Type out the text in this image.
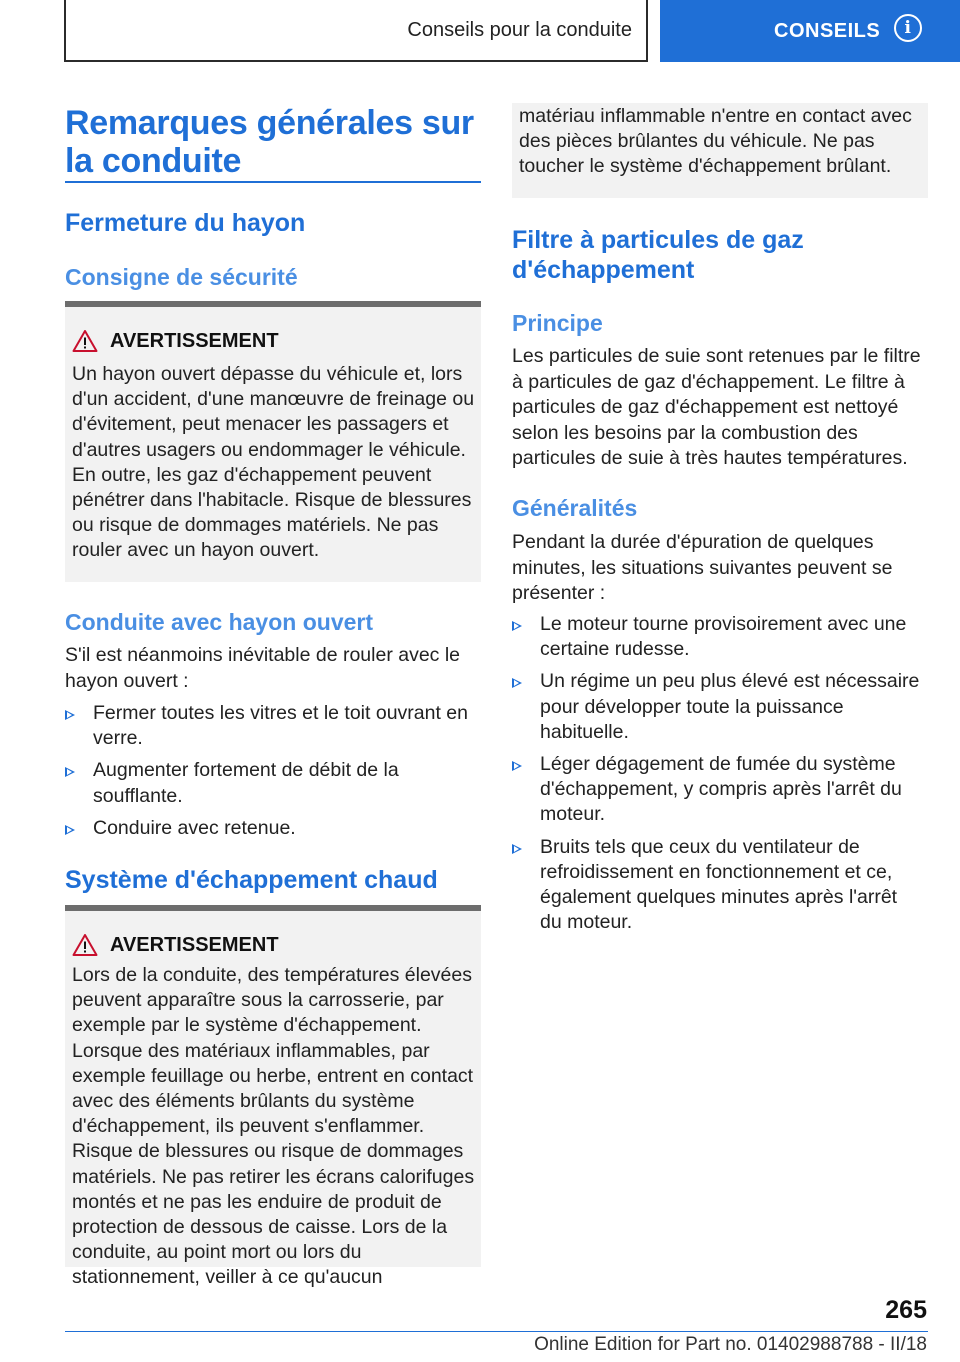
Conseils pour la conduite	CONSEILS	i
Remarques générales sur la conduite
Fermeture du hayon
Consigne de sécurité
AVERTISSEMENT
Un hayon ouvert dépasse du véhicule et, lors d'un accident, d'une manœuvre de freinage ou d'évitement, peut menacer les passagers et d'autres usagers ou endommager le véhicule. En outre, les gaz d'échappement peuvent pénétrer dans l'habitacle. Risque de blessures ou risque de dommages matériels. Ne pas rouler avec un hayon ouvert.
Conduite avec hayon ouvert
S'il est néanmoins inévitable de rouler avec le hayon ouvert :
Fermer toutes les vitres et le toit ouvrant en verre.
Augmenter fortement de débit de la soufflante.
Conduire avec retenue.
Système d'échappement chaud
AVERTISSEMENT
Lors de la conduite, des températures élevées peuvent apparaître sous la carrosserie, par exemple par le système d'échappement. Lorsque des matériaux inflammables, par exemple feuillage ou herbe, entrent en contact avec des éléments brûlants du système d'échappement, ils peuvent s'enflammer. Risque de blessures ou risque de dommages matériels. Ne pas retirer les écrans calorifuges montés et ne pas les enduire de produit de protection de dessous de caisse. Lors de la conduite, au point mort ou lors du stationnement, veiller à ce qu'aucun
matériau inflammable n'entre en contact avec des pièces brûlantes du véhicule. Ne pas toucher le système d'échappement brûlant.
Filtre à particules de gaz d'échappement
Principe
Les particules de suie sont retenues par le filtre à particules de gaz d'échappement. Le filtre à particules de gaz d'échappement est nettoyé selon les besoins par la combustion des particules de suie à très hautes températures.
Généralités
Pendant la durée d'épuration de quelques minutes, les situations suivantes peuvent se présenter :
Le moteur tourne provisoirement avec une certaine rudesse.
Un régime un peu plus élevé est nécessaire pour développer toute la puissance habituelle.
Léger dégagement de fumée du système d'échappement, y compris après l'arrêt du moteur.
Bruits tels que ceux du ventilateur de refroidissement en fonctionnement et ce, également quelques minutes après l'arrêt du moteur.
265
Online Edition for Part no. 01402988788 - II/18
